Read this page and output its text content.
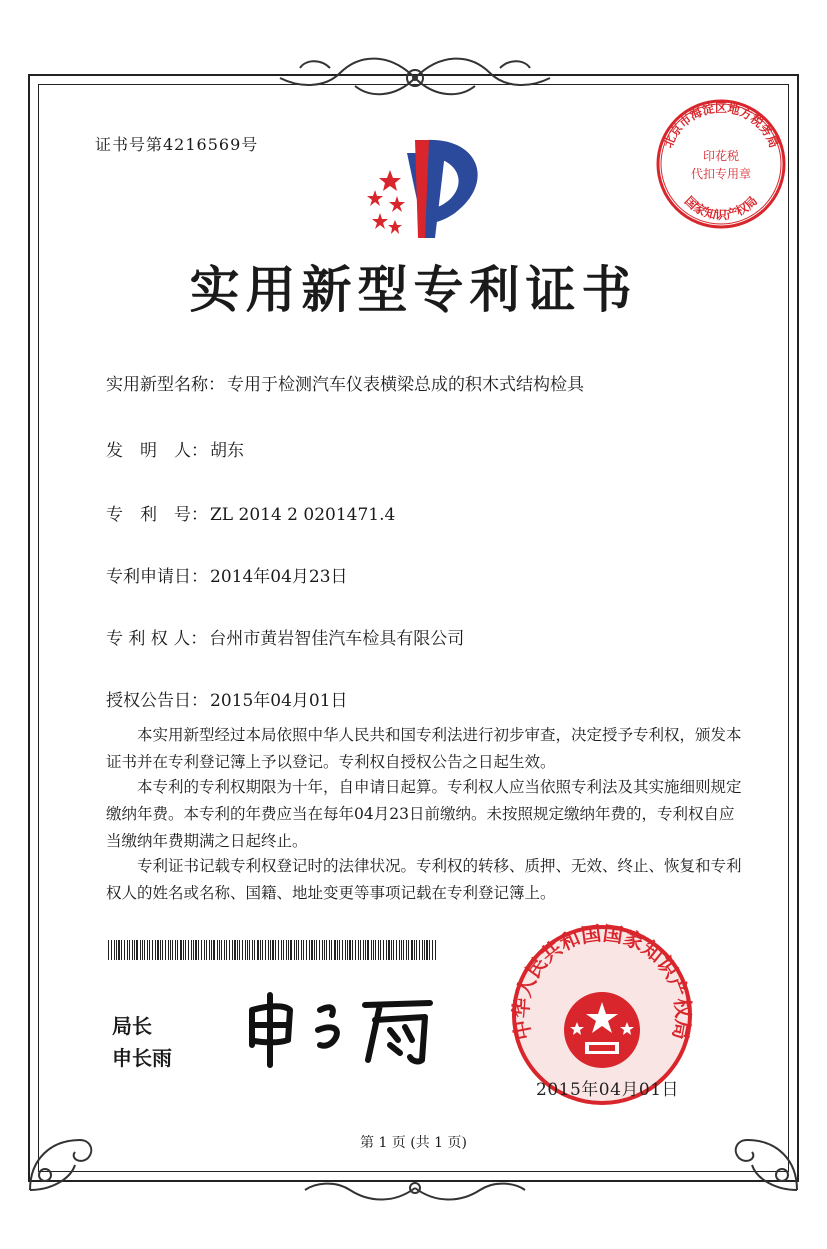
证书号第4216569号	北京市海淀区地方税务局
国家知识产权局
印花税
代扣专用章
实用新型专利证书
实用新型名称： 专用于检测汽车仪表横梁总成的积木式结构检具
发　明　人： 胡东
专　利　号： ZL 2014 2 0201471.4
专利申请日： 2014年04月23日
专 利 权 人： 台州市黄岩智佳汽车检具有限公司
授权公告日： 2015年04月01日

本实用新型经过本局依照中华人民共和国专利法进行初步审查，决定授予专利权，颁发本证书并在专利登记簿上予以登记。专利权自授权公告之日起生效。

本专利的专利权期限为十年，自申请日起算。专利权人应当依照专利法及其实施细则规定缴纳年费。本专利的年费应当在每年04月23日前缴纳。未按照规定缴纳年费的，专利权自应当缴纳年费期满之日起终止。

专利证书记载专利权登记时的法律状况。专利权的转移、质押、无效、终止、恢复和专利权人的姓名或名称、国籍、地址变更等事项记载在专利登记簿上。

局长
申长雨
中华人民共和国国家知识产权局
2015年04月01日
第 1 页 (共 1 页)
